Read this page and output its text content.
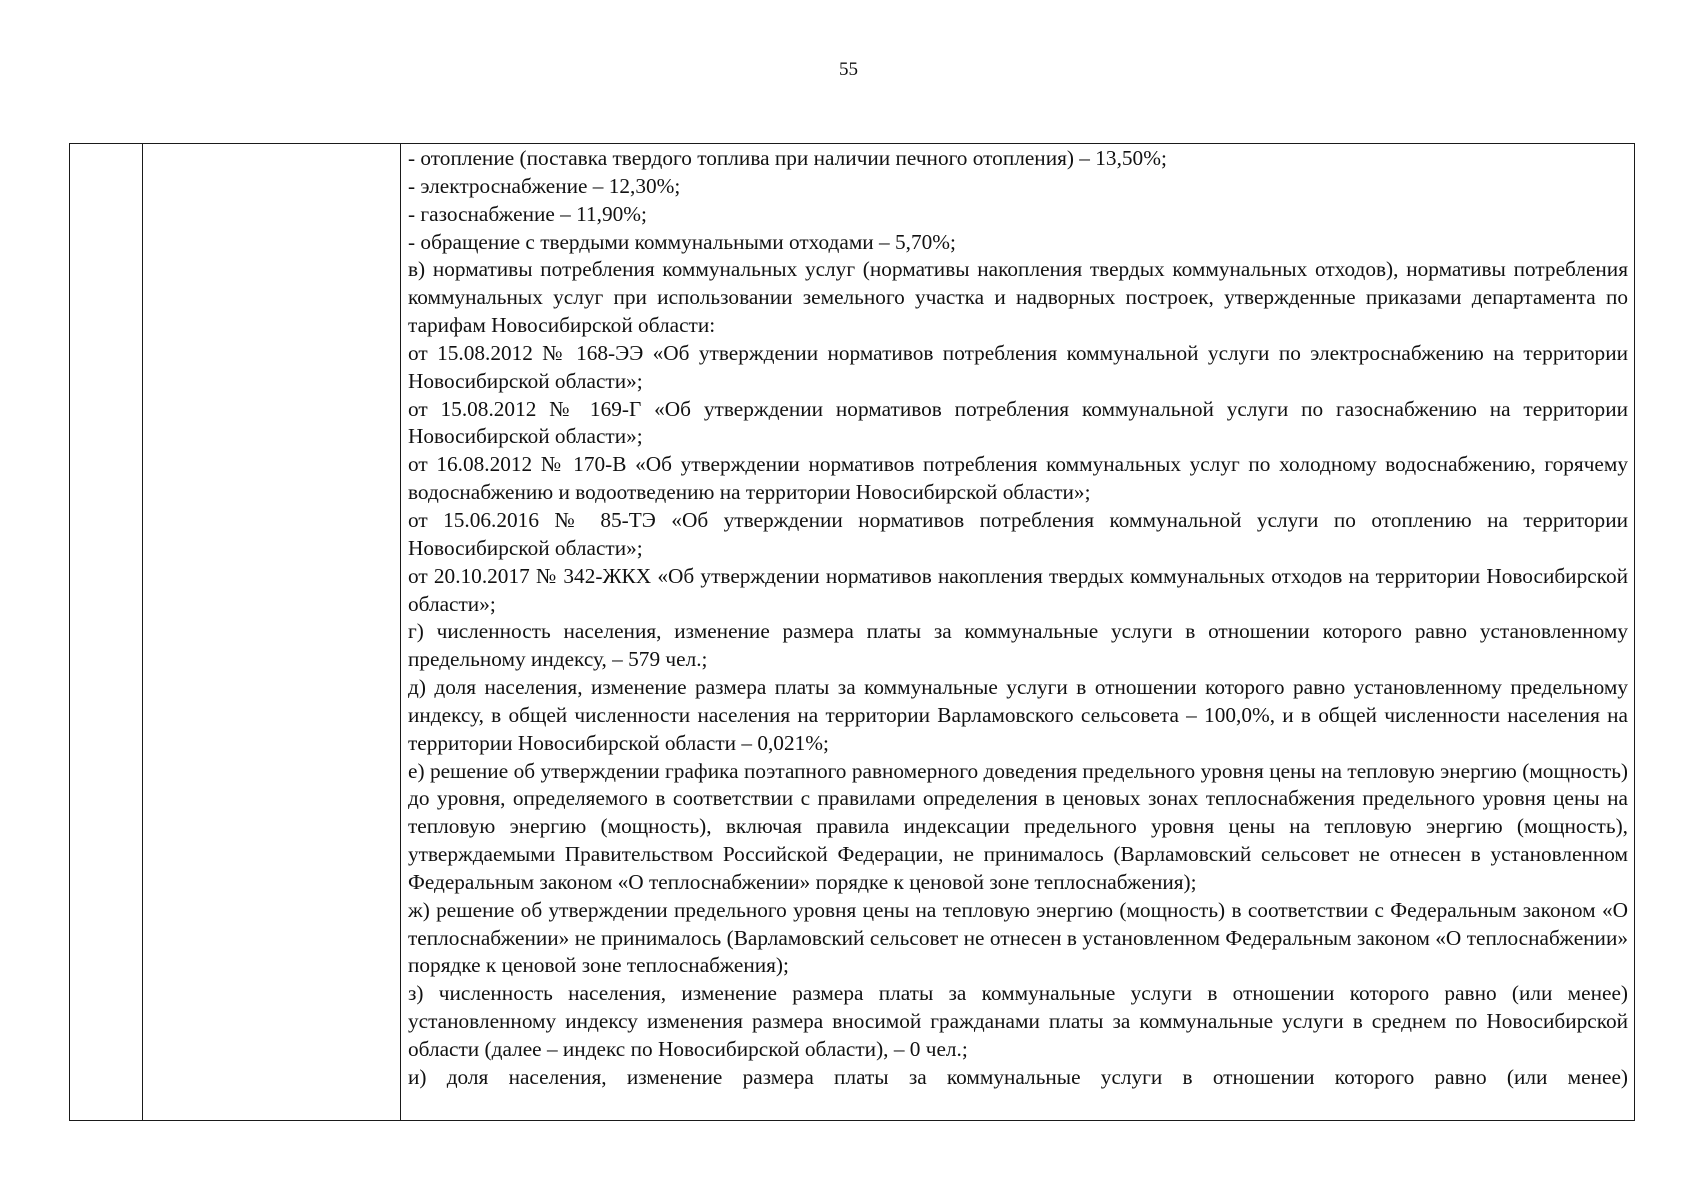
55

- отопление (поставка твердого топлива при наличии печного отопления) – 13,50%;

- электроснабжение – 12,30%;

- газоснабжение – 11,90%;

- обращение с твердыми коммунальными отходами – 5,70%;

в) нормативы потребления коммунальных услуг (нормативы накопления твердых коммунальных отходов), нормативы потребления коммунальных услуг при использовании земельного участка и надворных построек, утвержденные приказами департамента по тарифам Новосибирской области:

от 15.08.2012 № 168-ЭЭ «Об утверждении нормативов потребления коммунальной услуги по электроснабжению на территории Новосибирской области»;

от 15.08.2012 № 169-Г «Об утверждении нормативов потребления коммунальной услуги по газоснабжению на территории Новосибирской области»;

от 16.08.2012 № 170-В «Об утверждении нормативов потребления коммунальных услуг по холодному водоснабжению, горячему водоснабжению и водоотведению на территории Новосибирской области»;

от 15.06.2016 № 85-ТЭ «Об утверждении нормативов потребления коммунальной услуги по отоплению на территории Новосибирской области»;

от 20.10.2017 № 342-ЖКХ «Об утверждении нормативов накопления твердых коммунальных отходов на территории Новосибирской области»;

г) численность населения, изменение размера платы за коммунальные услуги в отношении которого равно установленному предельному индексу, – 579 чел.;

д) доля населения, изменение размера платы за коммунальные услуги в отношении которого равно установленному предельному индексу, в общей численности населения на территории Варламовского сельсовета – 100,0%, и в общей численности населения на территории Новосибирской области – 0,021%;

е) решение об утверждении графика поэтапного равномерного доведения предельного уровня цены на тепловую энергию (мощность) до уровня, определяемого в соответствии с правилами определения в ценовых зонах теплоснабжения предельного уровня цены на тепловую энергию (мощность), включая правила индексации предельного уровня цены на тепловую энергию (мощность), утверждаемыми Правительством Российской Федерации, не принималось (Варламовский сельсовет не отнесен в установленном Федеральным законом «О теплоснабжении» порядке к ценовой зоне теплоснабжения);

ж) решение об утверждении предельного уровня цены на тепловую энергию (мощность) в соответствии с Федеральным законом «О теплоснабжении» не принималось (Варламовский сельсовет не отнесен в установленном Федеральным законом «О теплоснабжении» порядке к ценовой зоне теплоснабжения);

з) численность населения, изменение размера платы за коммунальные услуги в отношении которого равно (или менее) установленному индексу изменения размера вносимой гражданами платы за коммунальные услуги в среднем по Новосибирской области (далее – индекс по Новосибирской области), – 0 чел.;

и) доля населения, изменение размера платы за коммунальные услуги в отношении которого равно (или менее)
